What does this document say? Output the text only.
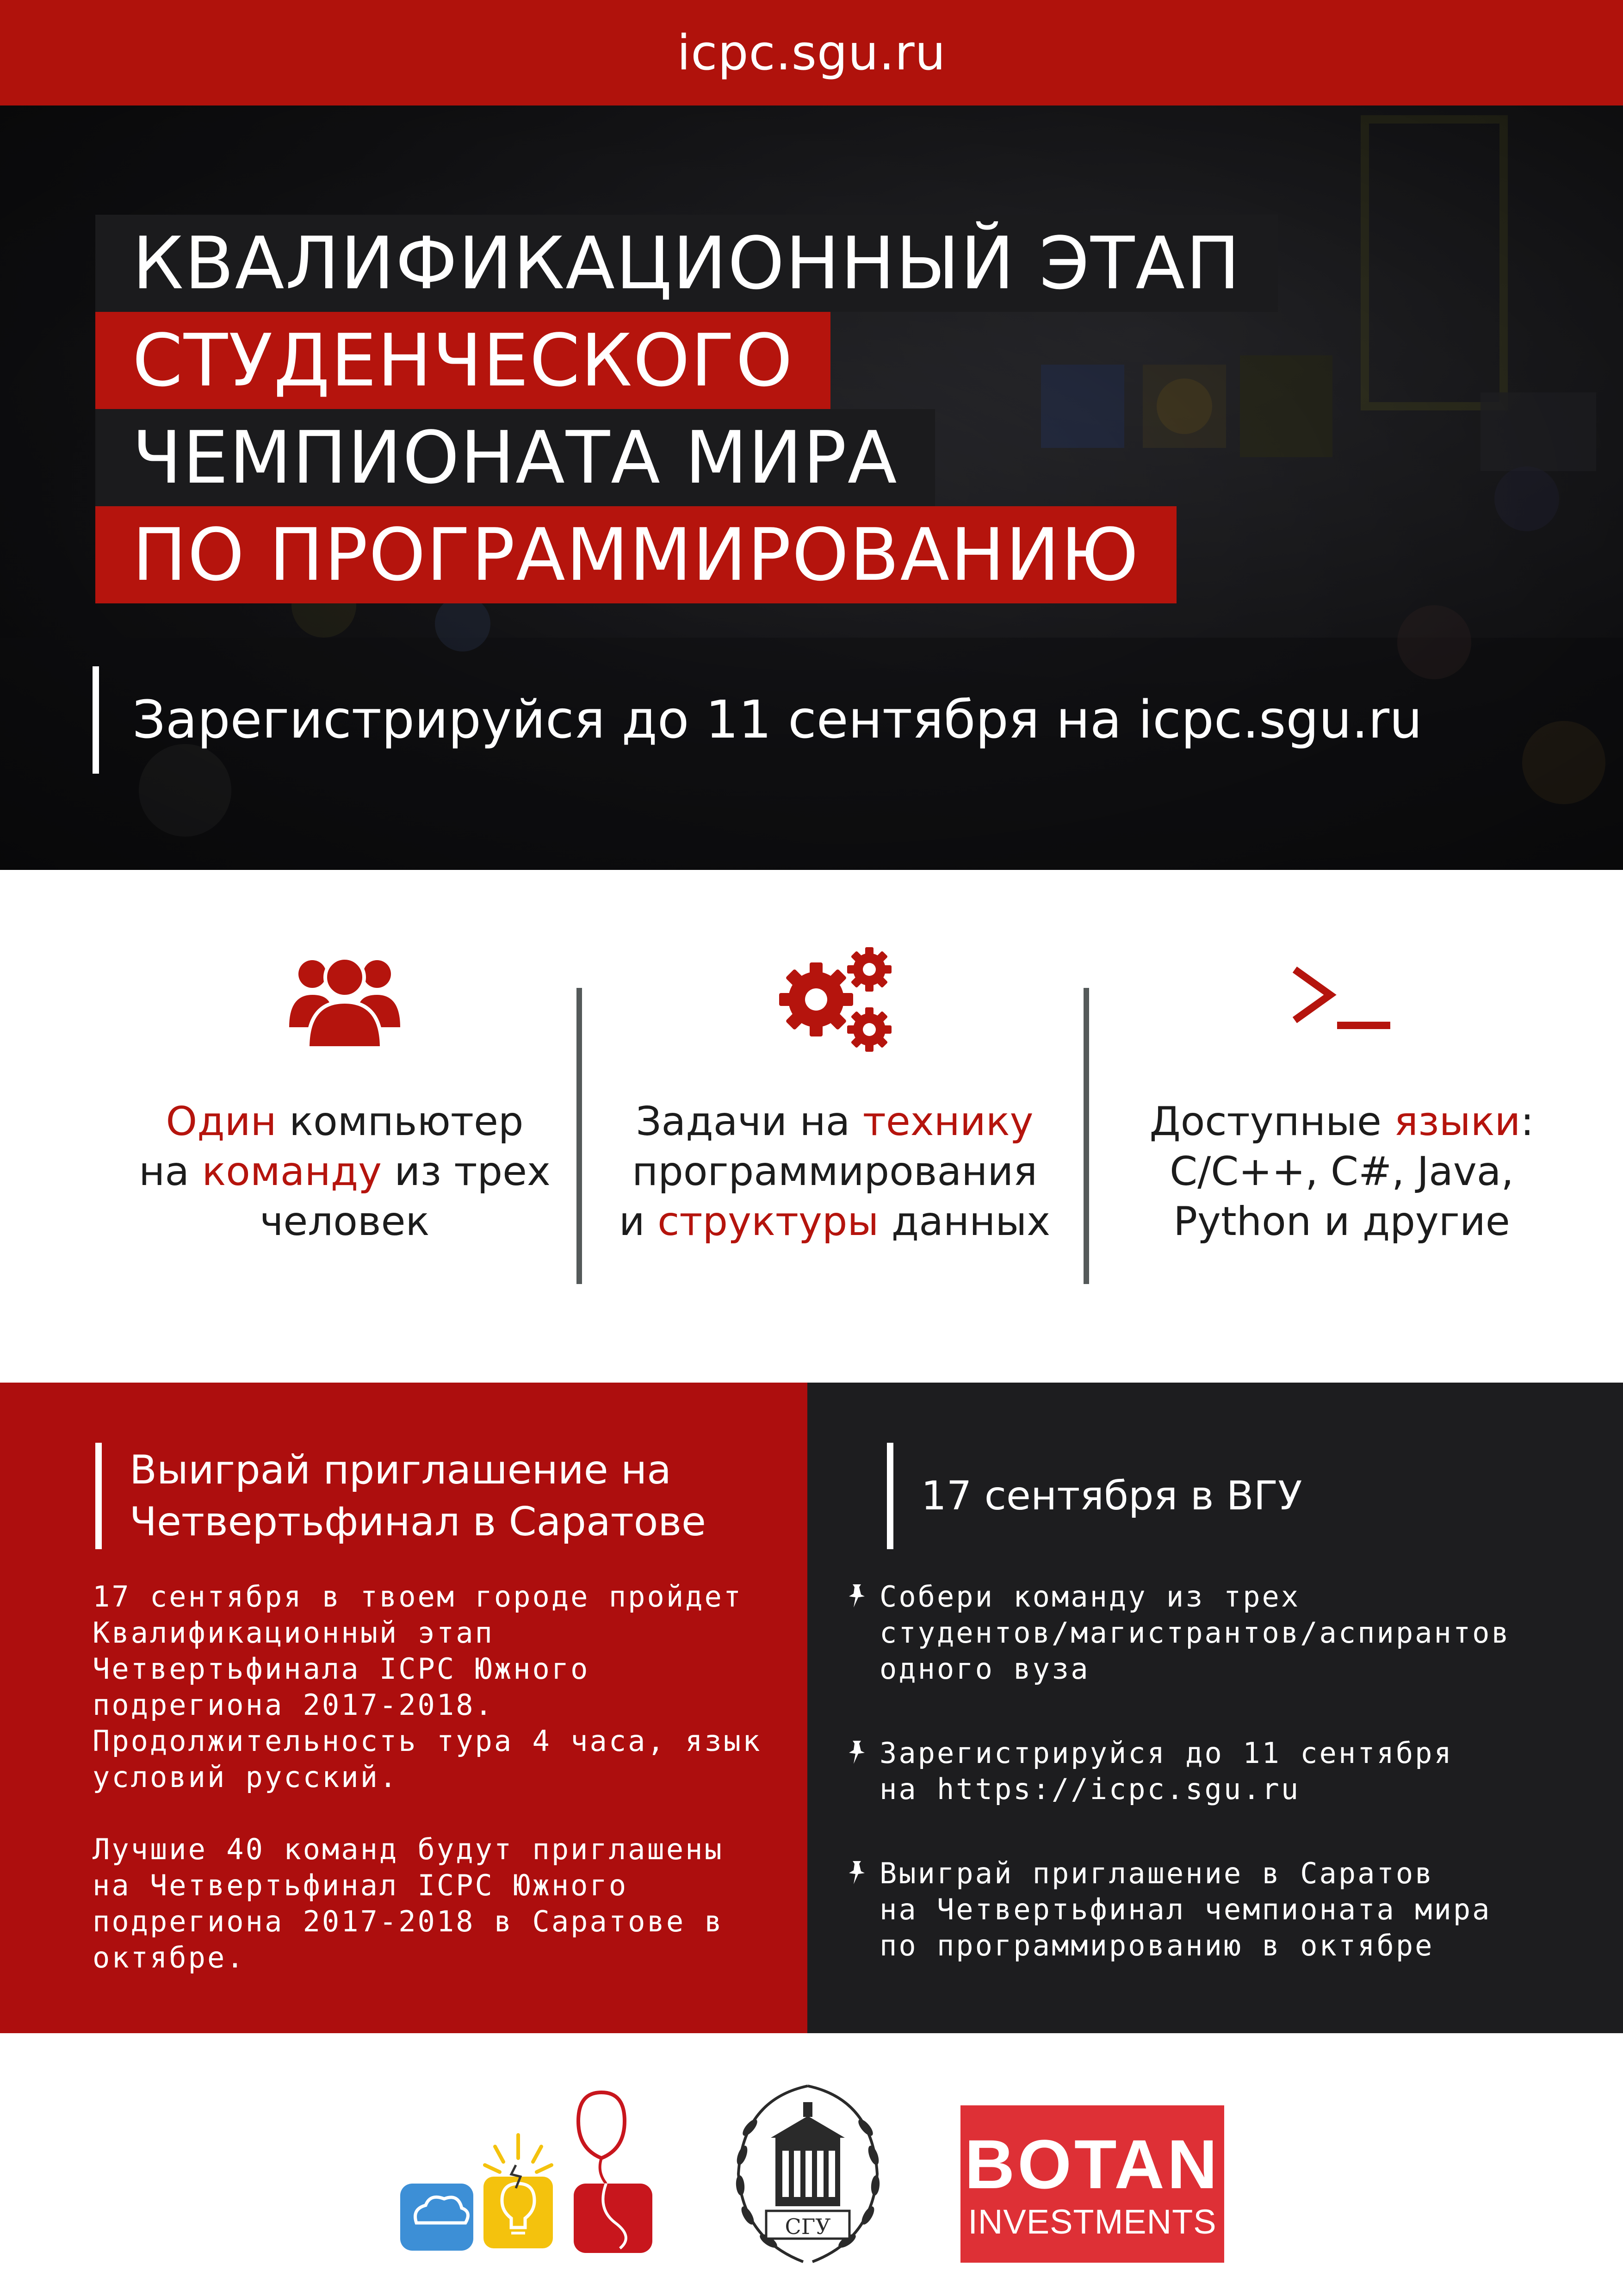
icpc.sgu.ru
КВАЛИФИКАЦИОННЫЙ ЭТАП
СТУДЕНЧЕСКОГО
ЧЕМПИОНАТА МИРА
ПО ПРОГРАММИРОВАНИЮ
Зарегистрируйся до 11 сентября на icpc.sgu.ru
Один компьютер
на команду из трех
человек
Задачи на технику
программирования
и структуры данных
Доступные языки:
C/C++, C#, Java,
Python и другие
Выиграй приглашение на Четвертьфинал в Саратове

17 сентября в твоем городе пройдет Квалификационный этап Четвертьфинала ICPC Южного подрегиона 2017-2018. Продолжительность тура 4 часа, язык условий русский.

Лучшие 40 команд будут приглашены на Четвертьфинал ICPC Южного подрегиона 2017-2018 в Саратове в октябре.

17 сентября в ВГУ
Собери команду из трех
студентов/магистрантов/аспирантов
одного вуза
Зарегистрируйся до 11 сентября
на https://icpc.sgu.ru
Выиграй приглашение в Саратов
на Четвертьфинал чемпионата мира
по программированию в октябре
СГУ
BOTAN
INVESTMENTS
